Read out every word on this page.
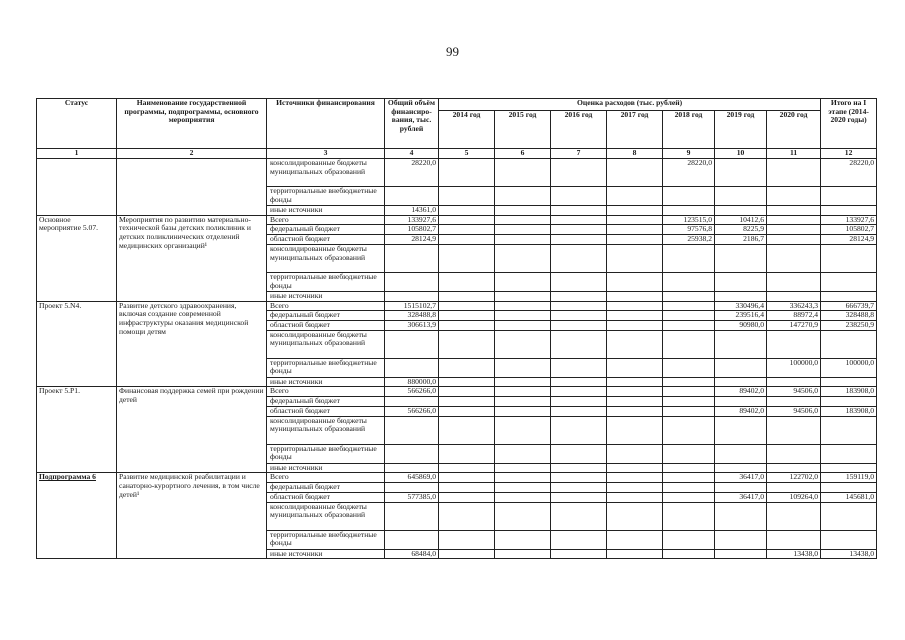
99
Статус	Наименование государственной программы, подпрограммы, основного мероприятия	Источники финансирования	Общий объём финансиро-вания, тыс. рублей	Оценка расходов (тыс. рублей)							Итого на I этапе (2014-2020 годы)
				2014 год	2015 год	2016 год	2017 год	2018 год	2019 год	2020 год	
1	2	3	4	5	6	7	8	9	10	11	12
		консолидированные бюджеты муниципальных образований	28220,0					28220,0			28220,0
		территориальные внебюджетные фонды									
		иные источники	14361,0								
Основное мероприятие 5.07.	Мероприятия по развитию материально-технической базы детских поликлиник и детских поликлинических отделений медицинских организаций¹	Всего	133927,6					123515,0	10412,6		133927,6
		федеральный бюджет	105802,7					97576,8	8225,9		105802,7
		областной бюджет	28124,9					25938,2	2186,7		28124,9
		консолидированные бюджеты муниципальных образований									
		территориальные внебюджетные фонды									
		иные источники									
Проект 5.N4.	Развитие детского здравоохранения, включая создание современной инфраструктуры оказания медицинской помощи детям	Всего	1515102,7						330496,4	336243,3	666739,7
		федеральный бюджет	328488,8						239516,4	88972,4	328488,8
		областной бюджет	306613,9						90980,0	147270,9	238250,9
		консолидированные бюджеты муниципальных образований									
		территориальные внебюджетные фонды								100000,0	100000,0
		иные источники	880000,0								
Проект 5.P1.	Финансовая поддержка семей при рождении детей	Всего	566266,0						89402,0	94506,0	183908,0
		федеральный бюджет									
		областной бюджет	566266,0						89402,0	94506,0	183908,0
		консолидированные бюджеты муниципальных образований									
		территориальные внебюджетные фонды									
		иные источники									
Подпрограмма 6	Развитие медицинской реабилитации и санаторно-курортного лечения, в том числе детей¹	Всего	645869,0						36417,0	122702,0	159119,0
		федеральный бюджет									
		областной бюджет	577385,0						36417,0	109264,0	145681,0
		консолидированные бюджеты муниципальных образований									
		территориальные внебюджетные фонды									
		иные источники	68484,0							13438,0	13438,0
